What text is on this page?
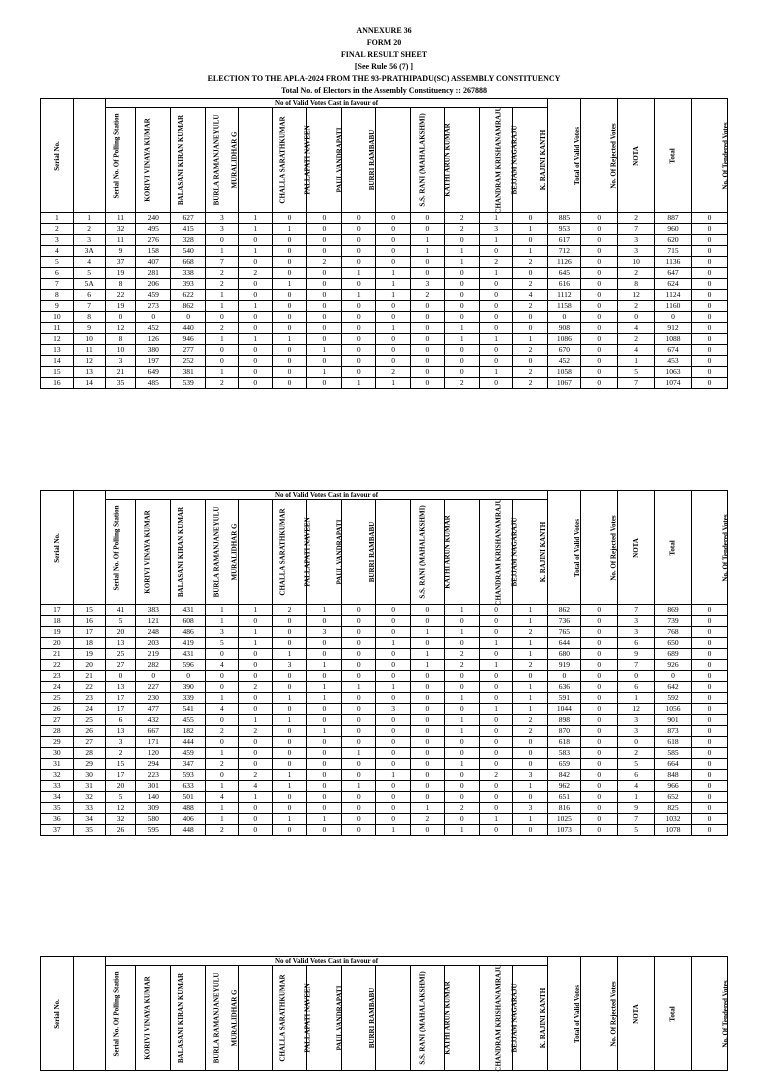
ANNEXURE 36
FORM 20
FINAL RESULT SHEET
[See Rule 56 (7) ]
ELECTION TO THE APLA-2024 FROM THE 93-PRATHIPADU(SC) ASSEMBLY CONSTITUENCY
Total No. of Electors in the Assembly Constituency :: 267888
Serial No.	Serial No. Of Polling Station	No of Valid Votes Cast in favour of													Total of Valid Votes	No. Of Rejected Votes	NOTA	Total	No. Of Tendered Votes
		KORIVI VINAYA KUMAR	BALASANI KIRAN KUMAR	BURLA RAMANJANEYULU	MURALIDHAR G	CHALLA SARATHKUMAR	PALLAPATI NAVEEN	PAUL VANDRAPATI	BURRI RAMBABU	S.S. RANI (MAHALAKSHMI)	KATHI ARUN KUMAR	CHANDRAM KRISHANAMRAJU	BEJJAM NAGARAJU	K. RAJINI KANTH					
1	1	11	240	627	3	1	0	0	0	0	0	2	1	0	885	0	2	887	0
2	2	32	495	415	3	1	1	0	0	0	0	2	3	1	953	0	7	960	0
3	3	11	276	328	0	0	0	0	0	0	1	0	1	0	617	0	3	620	0
4	3A	9	158	540	1	1	0	0	0	0	1	1	0	1	712	0	3	715	0
5	4	37	407	668	7	0	0	2	0	0	0	1	2	2	1126	0	10	1136	0
6	5	19	281	338	2	2	0	0	1	1	0	0	1	0	645	0	2	647	0
7	5A	8	206	393	2	0	1	0	0	1	3	0	0	2	616	0	8	624	0
8	6	22	459	622	1	0	0	0	1	1	2	0	0	4	1112	0	12	1124	0
9	7	19	273	862	1	1	0	0	0	0	0	0	0	2	1158	0	2	1160	0
10	8	0	0	0	0	0	0	0	0	0	0	0	0	0	0	0	0	0	0
11	9	12	452	440	2	0	0	0	0	1	0	1	0	0	908	0	4	912	0
12	10	8	126	946	1	1	1	0	0	0	0	1	1	1	1086	0	2	1088	0
13	11	10	380	277	0	0	0	1	0	0	0	0	0	2	670	0	4	674	0
14	12	3	197	252	0	0	0	0	0	0	0	0	0	0	452	0	1	453	0
15	13	21	649	381	1	0	0	1	0	2	0	0	1	2	1058	0	5	1063	0
16	14	35	485	539	2	0	0	0	1	1	0	2	0	2	1067	0	7	1074	0
Serial No.	Serial No. Of Polling Station	No of Valid Votes Cast in favour of													Total of Valid Votes	No. Of Rejected Votes	NOTA	Total	No. Of Tendered Votes
		KORIVI VINAYA KUMAR	BALASANI KIRAN KUMAR	BURLA RAMANJANEYULU	MURALIDHAR G	CHALLA SARATHKUMAR	PALLAPATI NAVEEN	PAUL VANDRAPATI	BURRI RAMBABU	S.S. RANI (MAHALAKSHMI)	KATHI ARUN KUMAR	CHANDRAM KRISHANAMRAJU	BEJJAM NAGARAJU	K. RAJINI KANTH					
17	15	41	383	431	1	1	2	1	0	0	0	1	0	1	862	0	7	869	0
18	16	5	121	608	1	0	0	0	0	0	0	0	0	1	736	0	3	739	0
19	17	20	248	486	3	1	0	3	0	0	1	1	0	2	765	0	3	768	0
20	18	13	203	419	5	1	0	0	0	1	0	0	1	1	644	0	6	650	0
21	19	25	219	431	0	0	1	0	0	0	1	2	0	1	680	0	9	689	0
22	20	27	282	596	4	0	3	1	0	0	1	2	1	2	919	0	7	926	0
23	21	0	0	0	0	0	0	0	0	0	0	0	0	0	0	0	0	0	0
24	22	13	227	390	0	2	0	1	1	1	0	0	0	1	636	0	6	642	0
25	23	17	230	339	1	0	1	1	0	0	0	1	0	1	591	0	1	592	0
26	24	17	477	541	4	0	0	0	0	3	0	0	1	1	1044	0	12	1056	0
27	25	6	432	455	0	1	1	0	0	0	0	1	0	2	898	0	3	901	0
28	26	13	667	182	2	2	0	1	0	0	0	1	0	2	870	0	3	873	0
29	27	3	171	444	0	0	0	0	0	0	0	0	0	0	618	0	0	618	0
30	28	2	120	459	1	0	0	0	1	0	0	0	0	0	583	0	2	585	0
31	29	15	294	347	2	0	0	0	0	0	0	1	0	0	659	0	5	664	0
32	30	17	223	593	0	2	1	0	0	1	0	0	2	3	842	0	6	848	0
33	31	20	301	633	1	4	1	0	1	0	0	0	0	1	962	0	4	966	0
34	32	5	140	501	4	1	0	0	0	0	0	0	0	0	651	0	1	652	0
35	33	12	309	488	1	0	0	0	0	0	1	2	0	3	816	0	9	825	0
36	34	32	580	406	1	0	1	1	0	0	2	0	1	1	1025	0	7	1032	0
37	35	26	595	448	2	0	0	0	0	1	0	1	0	0	1073	0	5	1078	0
Serial No.	Serial No. Of Polling Station	No of Valid Votes Cast in favour of													Total of Valid Votes	No. Of Rejected Votes	NOTA	Total	No. Of Tendered Votes
		KORIVI VINAYA KUMAR	BALASANI KIRAN KUMAR	BURLA RAMANJANEYULU	MURALIDHAR G	CHALLA SARATHKUMAR	PALLAPATI NAVEEN	PAUL VANDRAPATI	BURRI RAMBABU	S.S. RANI (MAHALAKSHMI)	KATHI ARUN KUMAR	CHANDRAM KRISHANAMRAJU	BEJJAM NAGARAJU	K. RAJINI KANTH					
